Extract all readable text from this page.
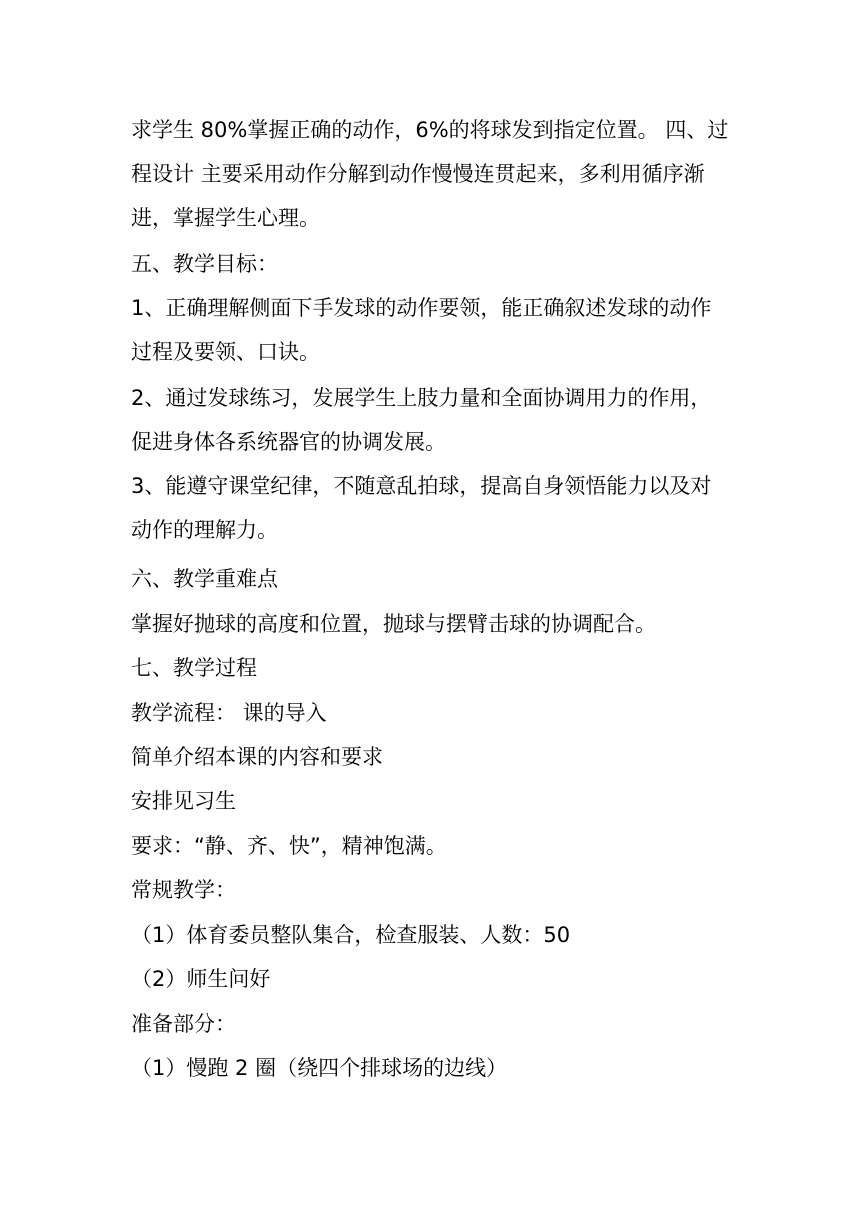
求学生 80%掌握正确的动作，6%的将球发到指定位置。 四、过程设计 主要采用动作分解到动作慢慢连贯起来，多利用循序渐进，掌握学生心理。
五、教学目标：
1、正确理解侧面下手发球的动作要领，能正确叙述发球的动作过程及要领、口诀。
2、通过发球练习，发展学生上肢力量和全面协调用力的作用，促进身体各系统器官的协调发展。
3、能遵守课堂纪律，不随意乱拍球，提高自身领悟能力以及对动作的理解力。
六、教学重难点
掌握好抛球的高度和位置，抛球与摆臂击球的协调配合。
七、教学过程
教学流程： 课的导入
简单介绍本课的内容和要求
安排见习生
要求：“静、齐、快”，精神饱满。
常规教学：
（1）体育委员整队集合，检查服装、人数：50
（2）师生问好
准备部分：
（1）慢跑 2 圈（绕四个排球场的边线）
